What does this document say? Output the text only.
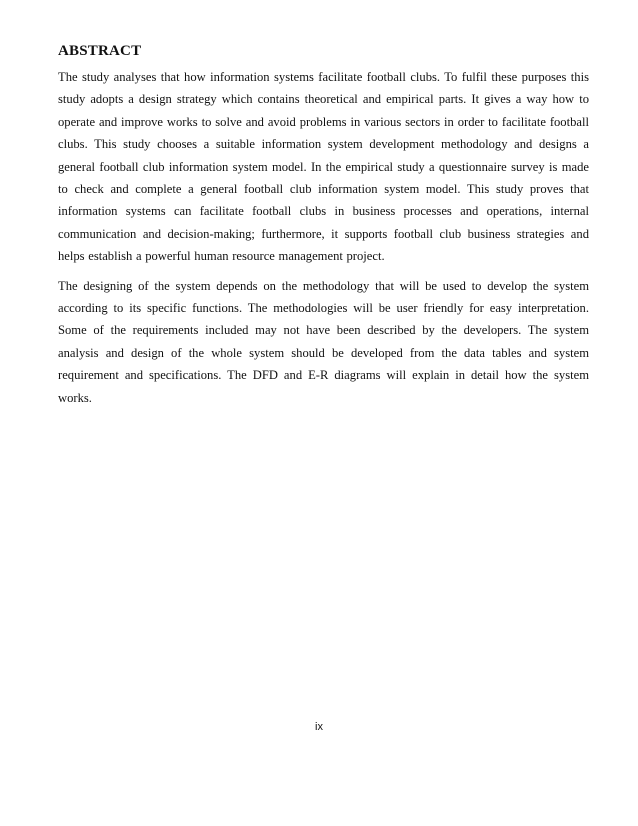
ABSTRACT

The study analyses that how information systems facilitate football clubs. To fulfil these purposes this study adopts a design strategy which contains theoretical and empirical parts. It gives a way how to operate and improve works to solve and avoid problems in various sectors in order to facilitate football clubs. This study chooses a suitable information system development methodology and designs a general football club information system model. In the empirical study a questionnaire survey is made to check and complete a general football club information system model. This study proves that information systems can facilitate football clubs in business processes and operations, internal communication and decision-making; furthermore, it supports football club business strategies and helps establish a powerful human resource management project.

The designing of the system depends on the methodology that will be used to develop the system according to its specific functions. The methodologies will be user friendly for easy interpretation. Some of the requirements included may not have been described by the developers. The system analysis and design of the whole system should be developed from the data tables and system requirement and specifications. The DFD and E-R diagrams will explain in detail how the system works.

ix
